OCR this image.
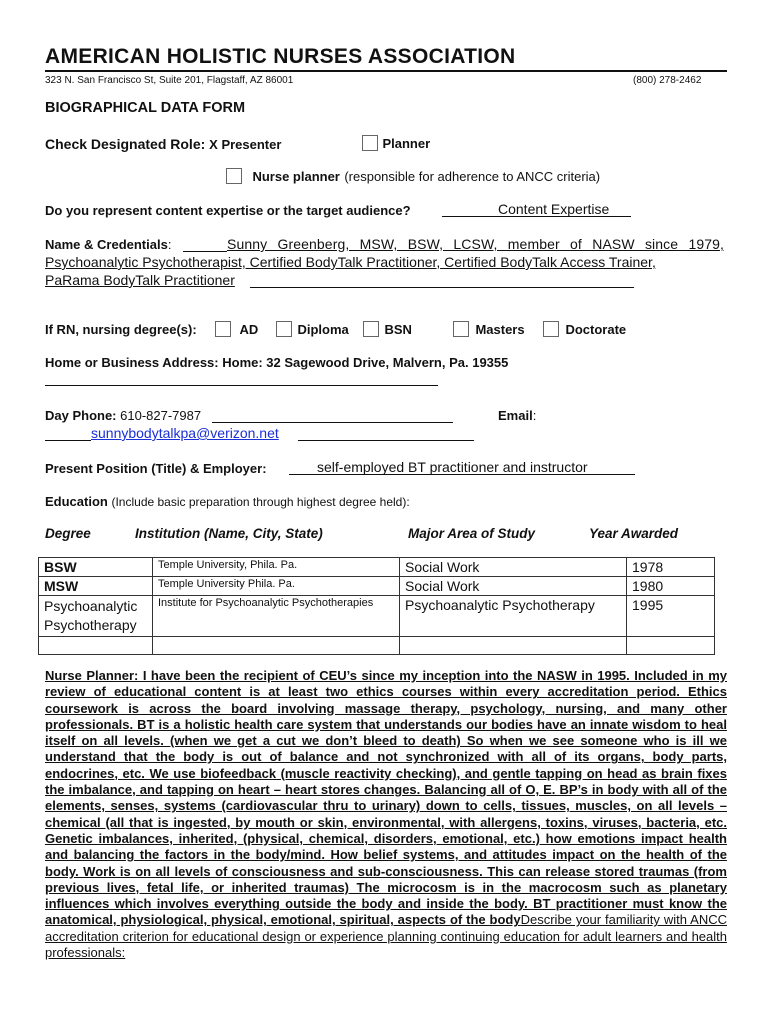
AMERICAN HOLISTIC NURSES ASSOCIATION
323 N. San Francisco St, Suite 201, Flagstaff, AZ 86001	(800) 278-2462
BIOGRAPHICAL DATA FORM
Check Designated Role: X Presenter	Planner
Nurse planner (responsible for adherence to ANCC criteria)
Do you represent content expertise or the target audience?	Content Expertise
Name & Credentials:	Sunny Greenberg, MSW, BSW, LCSW, member of NASW since 1979,
Psychoanalytic Psychotherapist, Certified BodyTalk Practitioner, Certified BodyTalk Access Trainer,
PaRama BodyTalk Practitioner
If RN, nursing degree(s):	AD	Diploma	BSN	Masters	Doctorate
Home or Business Address: Home: 32 Sagewood Drive, Malvern, Pa. 19355
Day Phone: 610-827-7987	Email:
sunnybodytalkpa@verizon.net
Present Position (Title) & Employer:	self-employed BT practitioner and instructor
Education (Include basic preparation through highest degree held):
Degree	Institution (Name, City, State)	Major Area of Study	Year Awarded
BSW	Temple University, Phila. Pa.	Social Work	1978
MSW	Temple University Phila. Pa.	Social Work	1980
Psychoanalytic Psychotherapy	Institute for Psychoanalytic Psychotherapies	Psychoanalytic Psychotherapy	1995

Nurse Planner: I have been the recipient of CEU’s since my inception into the NASW in 1995. Included in my review of educational content is at least two ethics courses within every accreditation period. Ethics coursework is across the board involving massage therapy, psychology, nursing, and many other professionals. BT is a holistic health care system that understands our bodies have an innate wisdom to heal itself on all levels. (when we get a cut we don’t bleed to death) So when we see someone who is ill we understand that the body is out of balance and not synchronized with all of its organs, body parts, endocrines, etc. We use biofeedback (muscle reactivity checking), and gentle tapping on head as brain fixes the imbalance, and tapping on heart – heart stores changes. Balancing all of O, E. BP’s in body with all of the elements, senses, systems (cardiovascular thru to urinary) down to cells, tissues, muscles, on all levels – chemical (all that is ingested, by mouth or skin, environmental, with allergens, toxins, viruses, bacteria, etc. Genetic imbalances, inherited, (physical, chemical, disorders, emotional, etc.) how emotions impact health and balancing the factors in the body/mind. How belief systems, and attitudes impact on the health of the body. Work is on all levels of consciousness and sub-consciousness. This can release stored traumas (from previous lives, fetal life, or inherited traumas) The microcosm is in the macrocosm such as planetary influences which involves everything outside the body and inside the body. BT practitioner must know the anatomical, physiological, physical, emotional, spiritual, aspects of the bodyDescribe your familiarity with ANCC accreditation criterion for educational design or experience planning continuing education for adult learners and health professionals:
